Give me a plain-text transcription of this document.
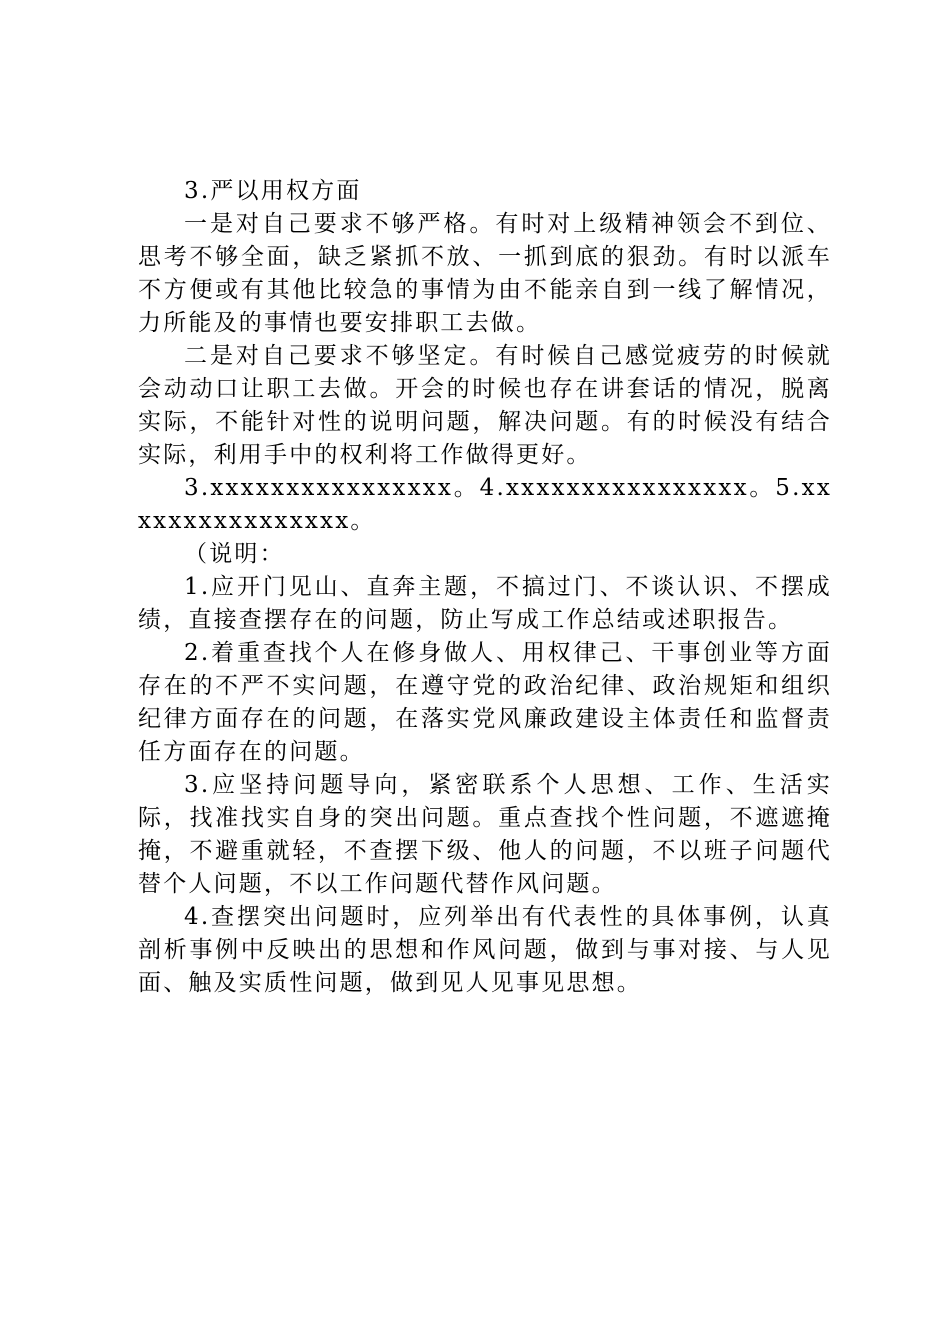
3.严以用权方面

一是对自己要求不够严格。有时对上级精神领会不到位、思考不够全面，缺乏紧抓不放、一抓到底的狠劲。有时以派车不方便或有其他比较急的事情为由不能亲自到一线了解情况，力所能及的事情也要安排职工去做。

二是对自己要求不够坚定。有时候自己感觉疲劳的时候就会动动口让职工去做。开会的时候也存在讲套话的情况，脱离实际，不能针对性的说明问题，解决问题。有的时候没有结合实际，利用手中的权利将工作做得更好。

3.xxxxxxxxxxxxxxxx。4.xxxxxxxxxxxxxxxx。5.xxxxxxxxxxxxxxxx。

（说明：

1.应开门见山、直奔主题，不搞过门、不谈认识、不摆成绩，直接查摆存在的问题，防止写成工作总结或述职报告。

2.着重查找个人在修身做人、用权律己、干事创业等方面存在的不严不实问题，在遵守党的政治纪律、政治规矩和组织纪律方面存在的问题，在落实党风廉政建设主体责任和监督责任方面存在的问题。

3.应坚持问题导向，紧密联系个人思想、工作、生活实际，找准找实自身的突出问题。重点查找个性问题，不遮遮掩掩，不避重就轻，不查摆下级、他人的问题，不以班子问题代替个人问题，不以工作问题代替作风问题。

4.查摆突出问题时，应列举出有代表性的具体事例，认真剖析事例中反映出的思想和作风问题，做到与事对接、与人见面、触及实质性问题，做到见人见事见思想。
